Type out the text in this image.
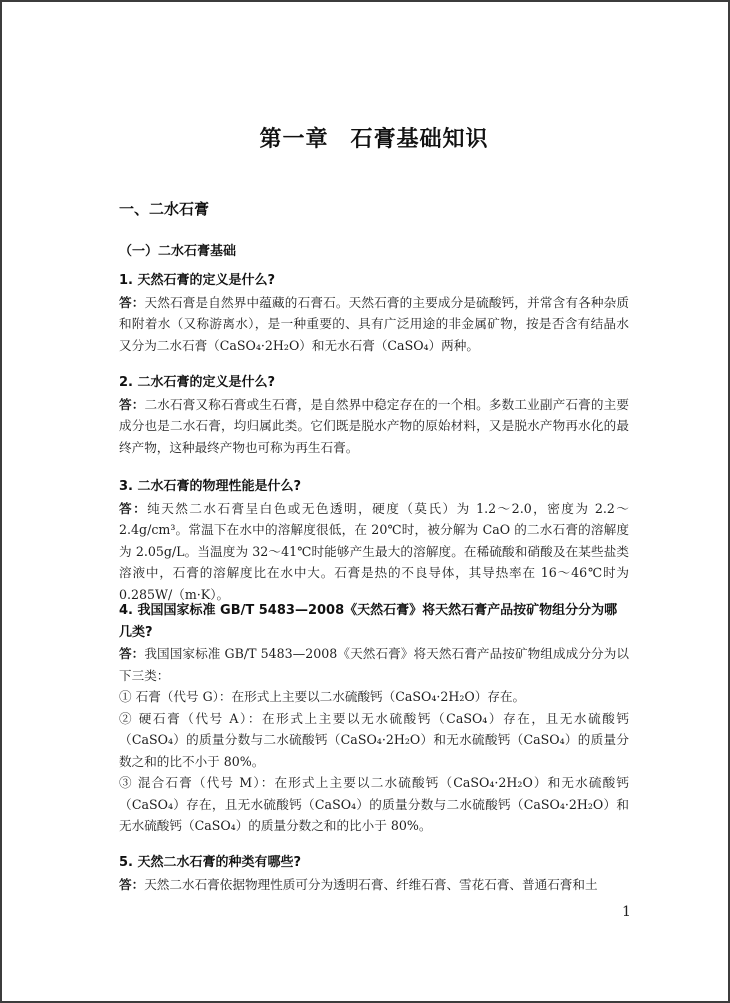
第一章 石膏基础知识
一、二水石膏
（一）二水石膏基础

1. 天然石膏的定义是什么?

答：天然石膏是自然界中蕴藏的石膏石。天然石膏的主要成分是硫酸钙，并常含有各种杂质和附着水（又称游离水），是一种重要的、具有广泛用途的非金属矿物，按是否含有结晶水又分为二水石膏（CaSO₄·2H₂O）和无水石膏（CaSO₄）两种。

2. 二水石膏的定义是什么?

答：二水石膏又称石膏或生石膏，是自然界中稳定存在的一个相。多数工业副产石膏的主要成分也是二水石膏，均归属此类。它们既是脱水产物的原始材料，又是脱水产物再水化的最终产物，这种最终产物也可称为再生石膏。

3. 二水石膏的物理性能是什么?

答：纯天然二水石膏呈白色或无色透明，硬度（莫氏）为 1.2～2.0，密度为 2.2～2.4g/cm³。常温下在水中的溶解度很低，在 20℃时，被分解为 CaO 的二水石膏的溶解度为 2.05g/L。当温度为 32～41℃时能够产生最大的溶解度。在稀硫酸和硝酸及在某些盐类溶液中，石膏的溶解度比在水中大。石膏是热的不良导体，其导热率在 16～46℃时为 0.285W/（m·K）。

4. 我国国家标准 GB/T 5483—2008《天然石膏》将天然石膏产品按矿物组分分为哪几类?

答：我国国家标准 GB/T 5483—2008《天然石膏》将天然石膏产品按矿物组成成分分为以下三类：

① 石膏（代号 G）：在形式上主要以二水硫酸钙（CaSO₄·2H₂O）存在。

② 硬石膏（代号 A）：在形式上主要以无水硫酸钙（CaSO₄）存在，且无水硫酸钙（CaSO₄）的质量分数与二水硫酸钙（CaSO₄·2H₂O）和无水硫酸钙（CaSO₄）的质量分数之和的比不小于 80%。

③ 混合石膏（代号 M）：在形式上主要以二水硫酸钙（CaSO₄·2H₂O）和无水硫酸钙（CaSO₄）存在，且无水硫酸钙（CaSO₄）的质量分数与二水硫酸钙（CaSO₄·2H₂O）和无水硫酸钙（CaSO₄）的质量分数之和的比小于 80%。

5. 天然二水石膏的种类有哪些?

答：天然二水石膏依据物理性质可分为透明石膏、纤维石膏、雪花石膏、普通石膏和土

1
